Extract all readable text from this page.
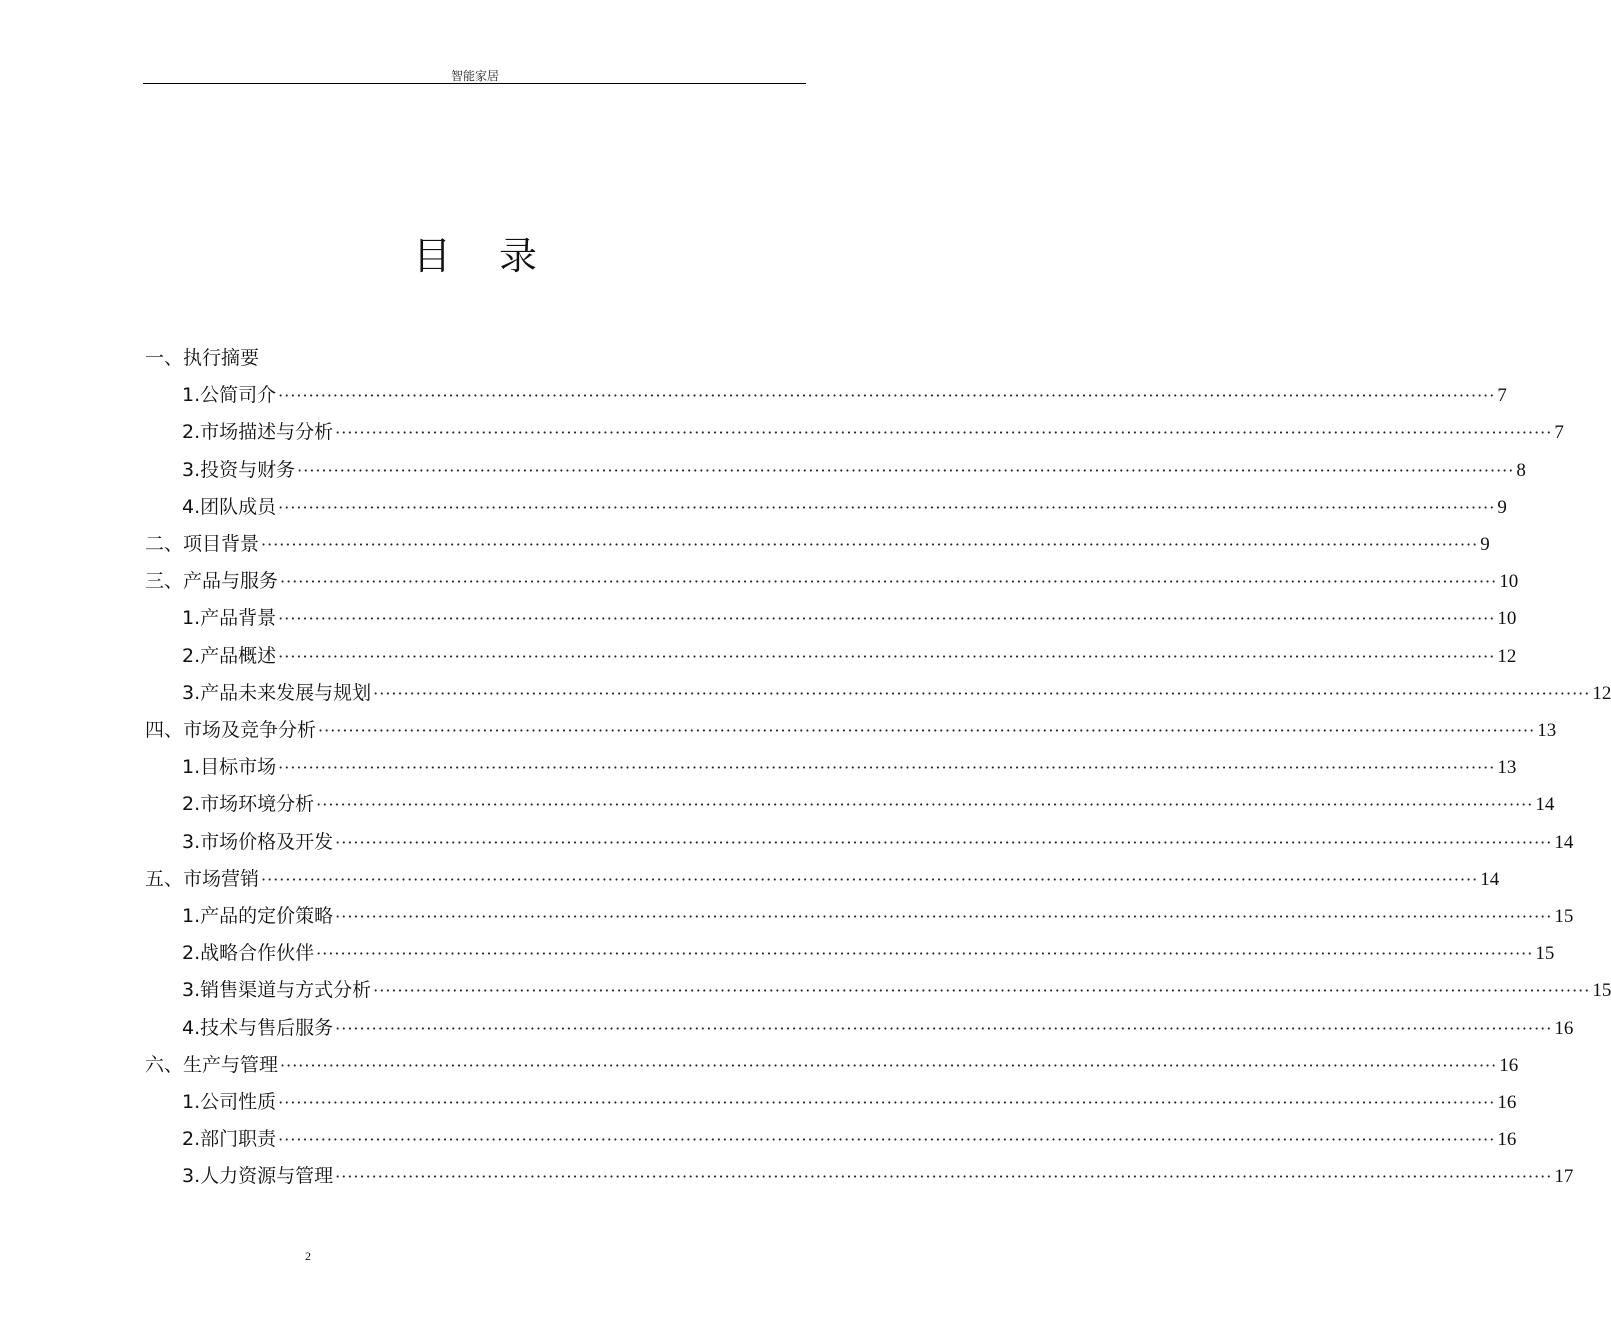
智能家居
目 录
一、执行摘要
1.公简司介 ········································································································································································································ 7
2.市场描述与分析 ········································································································································································································ 7
3.投资与财务 ········································································································································································································ 8
4.团队成员 ········································································································································································································ 9
二、项目背景 ········································································································································································································ 9
三、产品与服务 ········································································································································································································ 10
1.产品背景 ········································································································································································································ 10
2.产品概述 ········································································································································································································ 12
3.产品未来发展与规划 ········································································································································································································ 12
四、市场及竞争分析 ········································································································································································································ 13
1.目标市场 ········································································································································································································ 13
2.市场环境分析 ········································································································································································································ 14
3.市场价格及开发 ········································································································································································································ 14
五、市场营销 ········································································································································································································ 14
1.产品的定价策略 ········································································································································································································ 15
2.战略合作伙伴 ········································································································································································································ 15
3.销售渠道与方式分析 ········································································································································································································ 15
4.技术与售后服务 ········································································································································································································ 16
六、生产与管理 ········································································································································································································ 16
1.公司性质 ········································································································································································································ 16
2.部门职责 ········································································································································································································ 16
3.人力资源与管理 ········································································································································································································ 17
2
